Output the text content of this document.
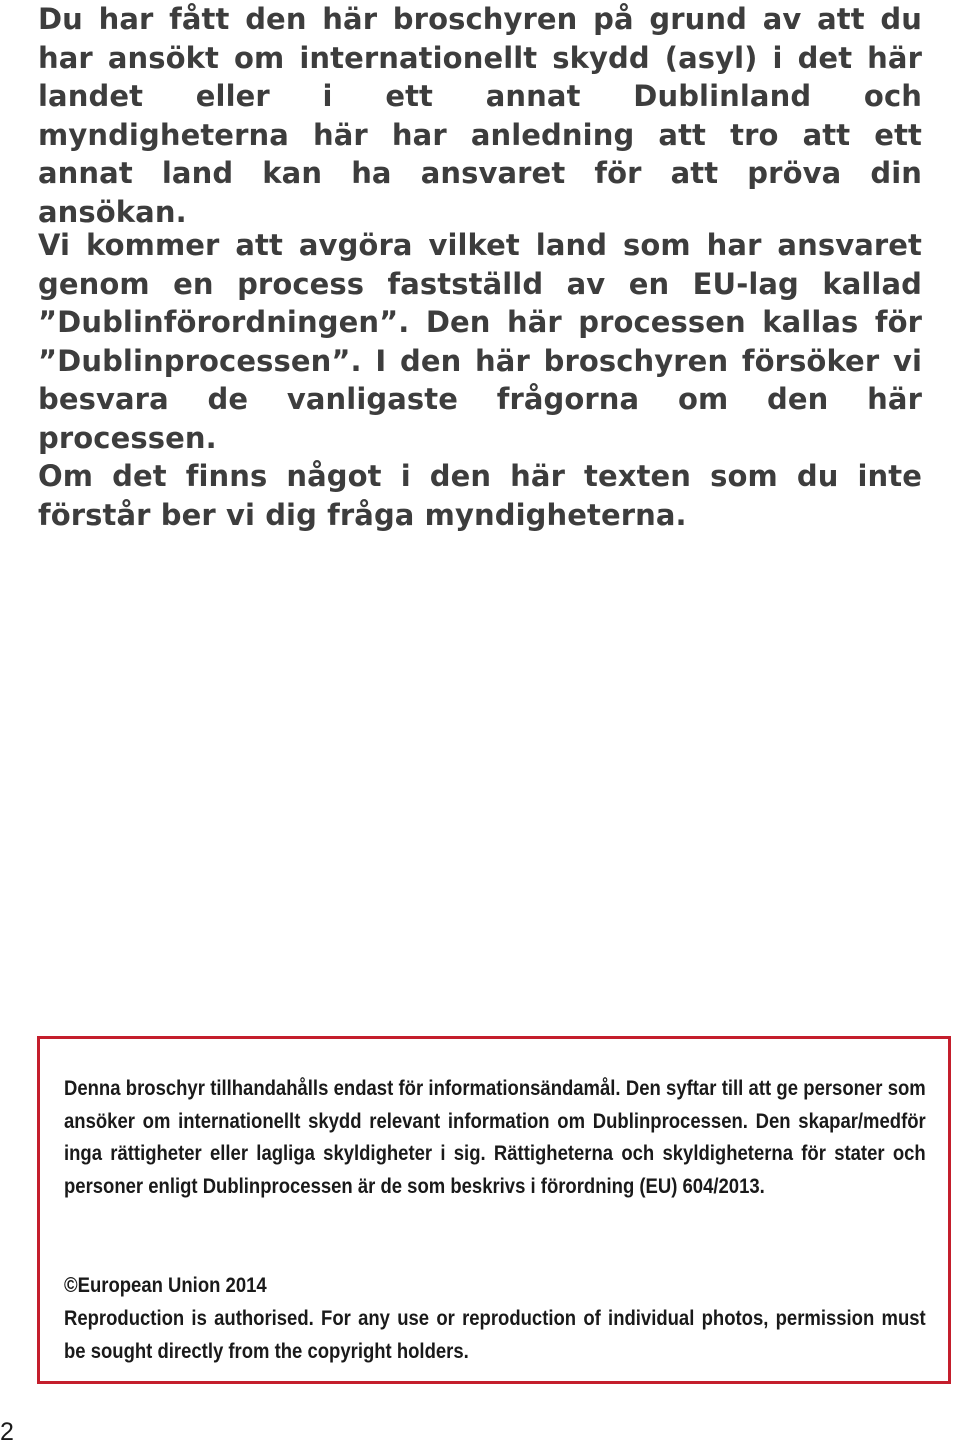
Du har fått den här broschyren på grund av att du har ansökt om internationellt skydd (asyl) i det här landet eller i ett annat Dublinland och myndigheterna här har anledning att tro att ett annat land kan ha ansvaret för att pröva din ansökan.

Vi kommer att avgöra vilket land som har ansvaret genom en process fastställd av en EU-lag kallad ”Dublinförordningen”. Den här processen kallas för ”Dublinprocessen”. I den här broschyren försöker vi besvara de vanligaste frågorna om den här processen.

Om det finns något i den här texten som du inte förstår ber vi dig fråga myndigheterna.

Denna broschyr tillhandahålls endast för informationsändamål. Den syftar till att ge personer som ansöker om internationellt skydd relevant information om Dublinprocessen. Den skapar/medför inga rättigheter eller lagliga skyldigheter i sig. Rättigheterna och skyldigheterna för stater och personer enligt Dublinprocessen är de som beskrivs i förordning (EU) 604/2013.

©European Union 2014

Reproduction is authorised. For any use or reproduction of individual photos, permission must be sought directly from the copyright holders.

2
